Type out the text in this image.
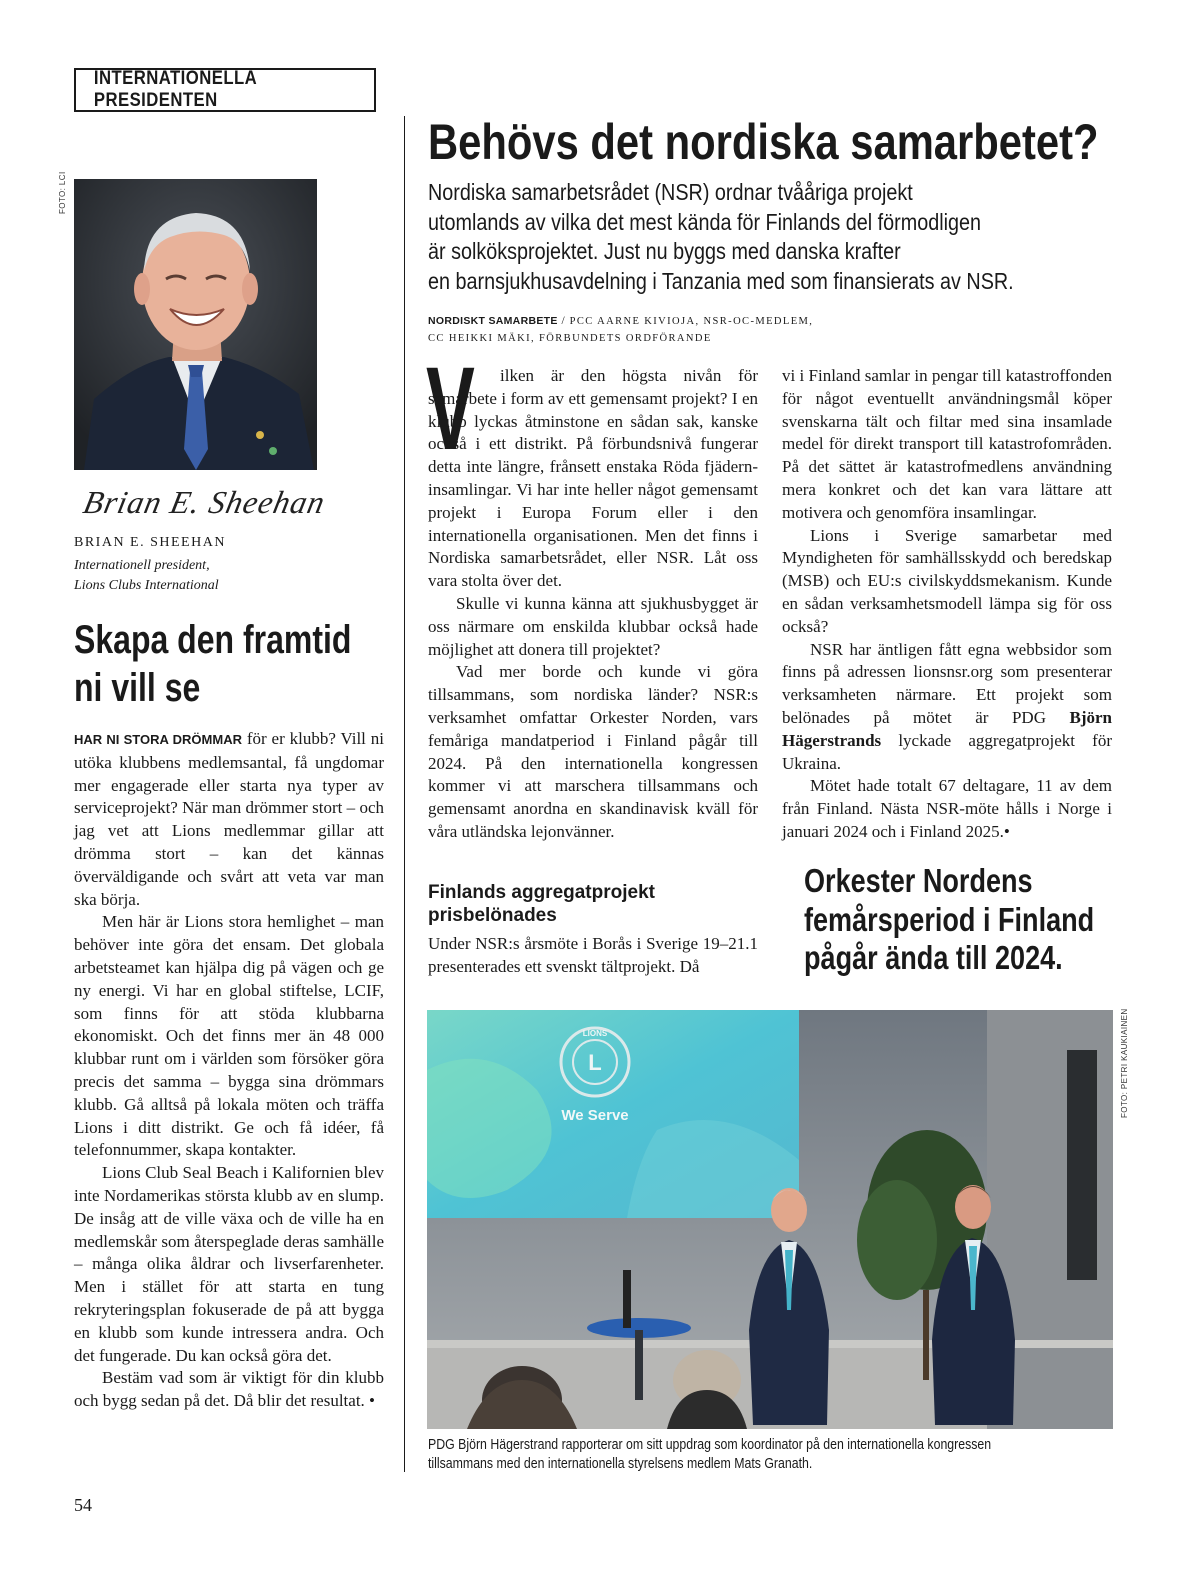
INTERNATIONELLA PRESIDENTEN
FOTO: LCI
Brian E. Sheehan
BRIAN E. SHEEHAN
Internationell president,
Lions Clubs International
Skapa den framtid
ni vill se

HAR NI STORA DRÖMMAR för er klubb? Vill ni utöka klubbens medlemsantal, få ungdomar mer engagerade eller starta nya typer av serviceprojekt? När man drömmer stort – och jag vet att Lions medlemmar gillar att drömma stort – kan det kännas överväldigande och svårt att veta var man ska börja.

Men här är Lions stora hemlighet – man behöver inte göra det ensam. Det globala arbetsteamet kan hjälpa dig på vägen och ge ny energi. Vi har en global stiftelse, LCIF, som finns för att stöda klubbarna ekonomiskt. Och det finns mer än 48 000 klubbar runt om i världen som försöker göra precis det samma – bygga sina drömmars klubb. Gå alltså på lokala möten och träffa Lions i ditt distrikt. Ge och få idéer, få telefonnummer, skapa kontakter.

Lions Club Seal Beach i Kalifornien blev inte Nordamerikas största klubb av en slump. De insåg att de ville växa och de ville ha en medlemskår som återspeglade deras samhälle – många olika åldrar och livserfarenheter. Men i stället för att starta en tung rekryteringsplan fokuserade de på att bygga en klubb som kunde intressera andra. Och det fungerade. Du kan också göra det.

Bestäm vad som är viktigt för din klubb och bygg sedan på det. Då blir det resultat. •

54
Behövs det nordiska samarbetet?
Nordiska samarbetsrådet (NSR) ordnar tvååriga projekt
utomlands av vilka det mest kända för Finlands del förmodligen
är solköksprojektet. Just nu byggs med danska krafter
en barnsjukhusavdelning i Tanzania med som finansierats av NSR.
NORDISKT SAMARBETE / PCC AARNE KIVIOJA, NSR-OC-MEDLEM,
CC HEIKKI MÄKI, FÖRBUNDETS ORDFÖRANDE
V	ilken är den högsta nivån för samarbete i form av ett gemensamt projekt? I en klubb lyckas åtminstone en sådan sak, kanske också i ett distrikt. På förbundsnivå fungerar detta inte längre, frånsett enstaka Röda fjädern-insamlingar. Vi har inte heller något gemensamt projekt i Europa Forum eller i den internationella organisationen. Men det finns i Nordiska samarbetsrådet, eller NSR. Låt oss vara stolta över det.

Skulle vi kunna känna att sjukhusbygget är oss närmare om enskilda klubbar också hade möjlighet att donera till projektet?

Vad mer borde och kunde vi göra tillsammans, som nordiska länder? NSR:s verksamhet omfattar Orkester Norden, vars femåriga mandatperiod i Finland pågår till 2024. På den internationella kongressen kommer vi att marschera tillsammans och gemensamt anordna en skandinavisk kväll för våra utländska lejonvänner.

Finlands aggregatprojekt prisbelönades

Under NSR:s årsmöte i Borås i Sverige 19–21.1 presenterades ett svenskt tältprojekt. Då

vi i Finland samlar in pengar till katastroffonden för något eventuellt användningsmål köper svenskarna tält och filtar med sina insamlade medel för direkt transport till katastrofområden. På det sättet är katastrofmedlens användning mera konkret och det kan vara lättare att motivera och genomföra insamlingar.

Lions i Sverige samarbetar med Myndigheten för samhällsskydd och beredskap (MSB) och EU:s civilskyddsmekanism. Kunde en sådan verksamhetsmodell lämpa sig för oss också?

NSR har äntligen fått egna webbsidor som finns på adressen lionsnsr.org som presenterar verksamheten närmare. Ett projekt som belönades på mötet är PDG Björn Hägerstrands lyckade aggregatprojekt för Ukraina.

Mötet hade totalt 67 deltagare, 11 av dem från Finland. Nästa NSR-möte hålls i Norge i januari 2024 och i Finland 2025.•

Orkester Nordens
femårsperiod i Finland
pågår ända till 2024.
FOTO: PETRI KAUKIAINEN
L
LIONS
We Serve
PDG Björn Hägerstrand rapporterar om sitt uppdrag som koordinator på den internationella kongressen
tillsammans med den internationella styrelsens medlem Mats Granath.
